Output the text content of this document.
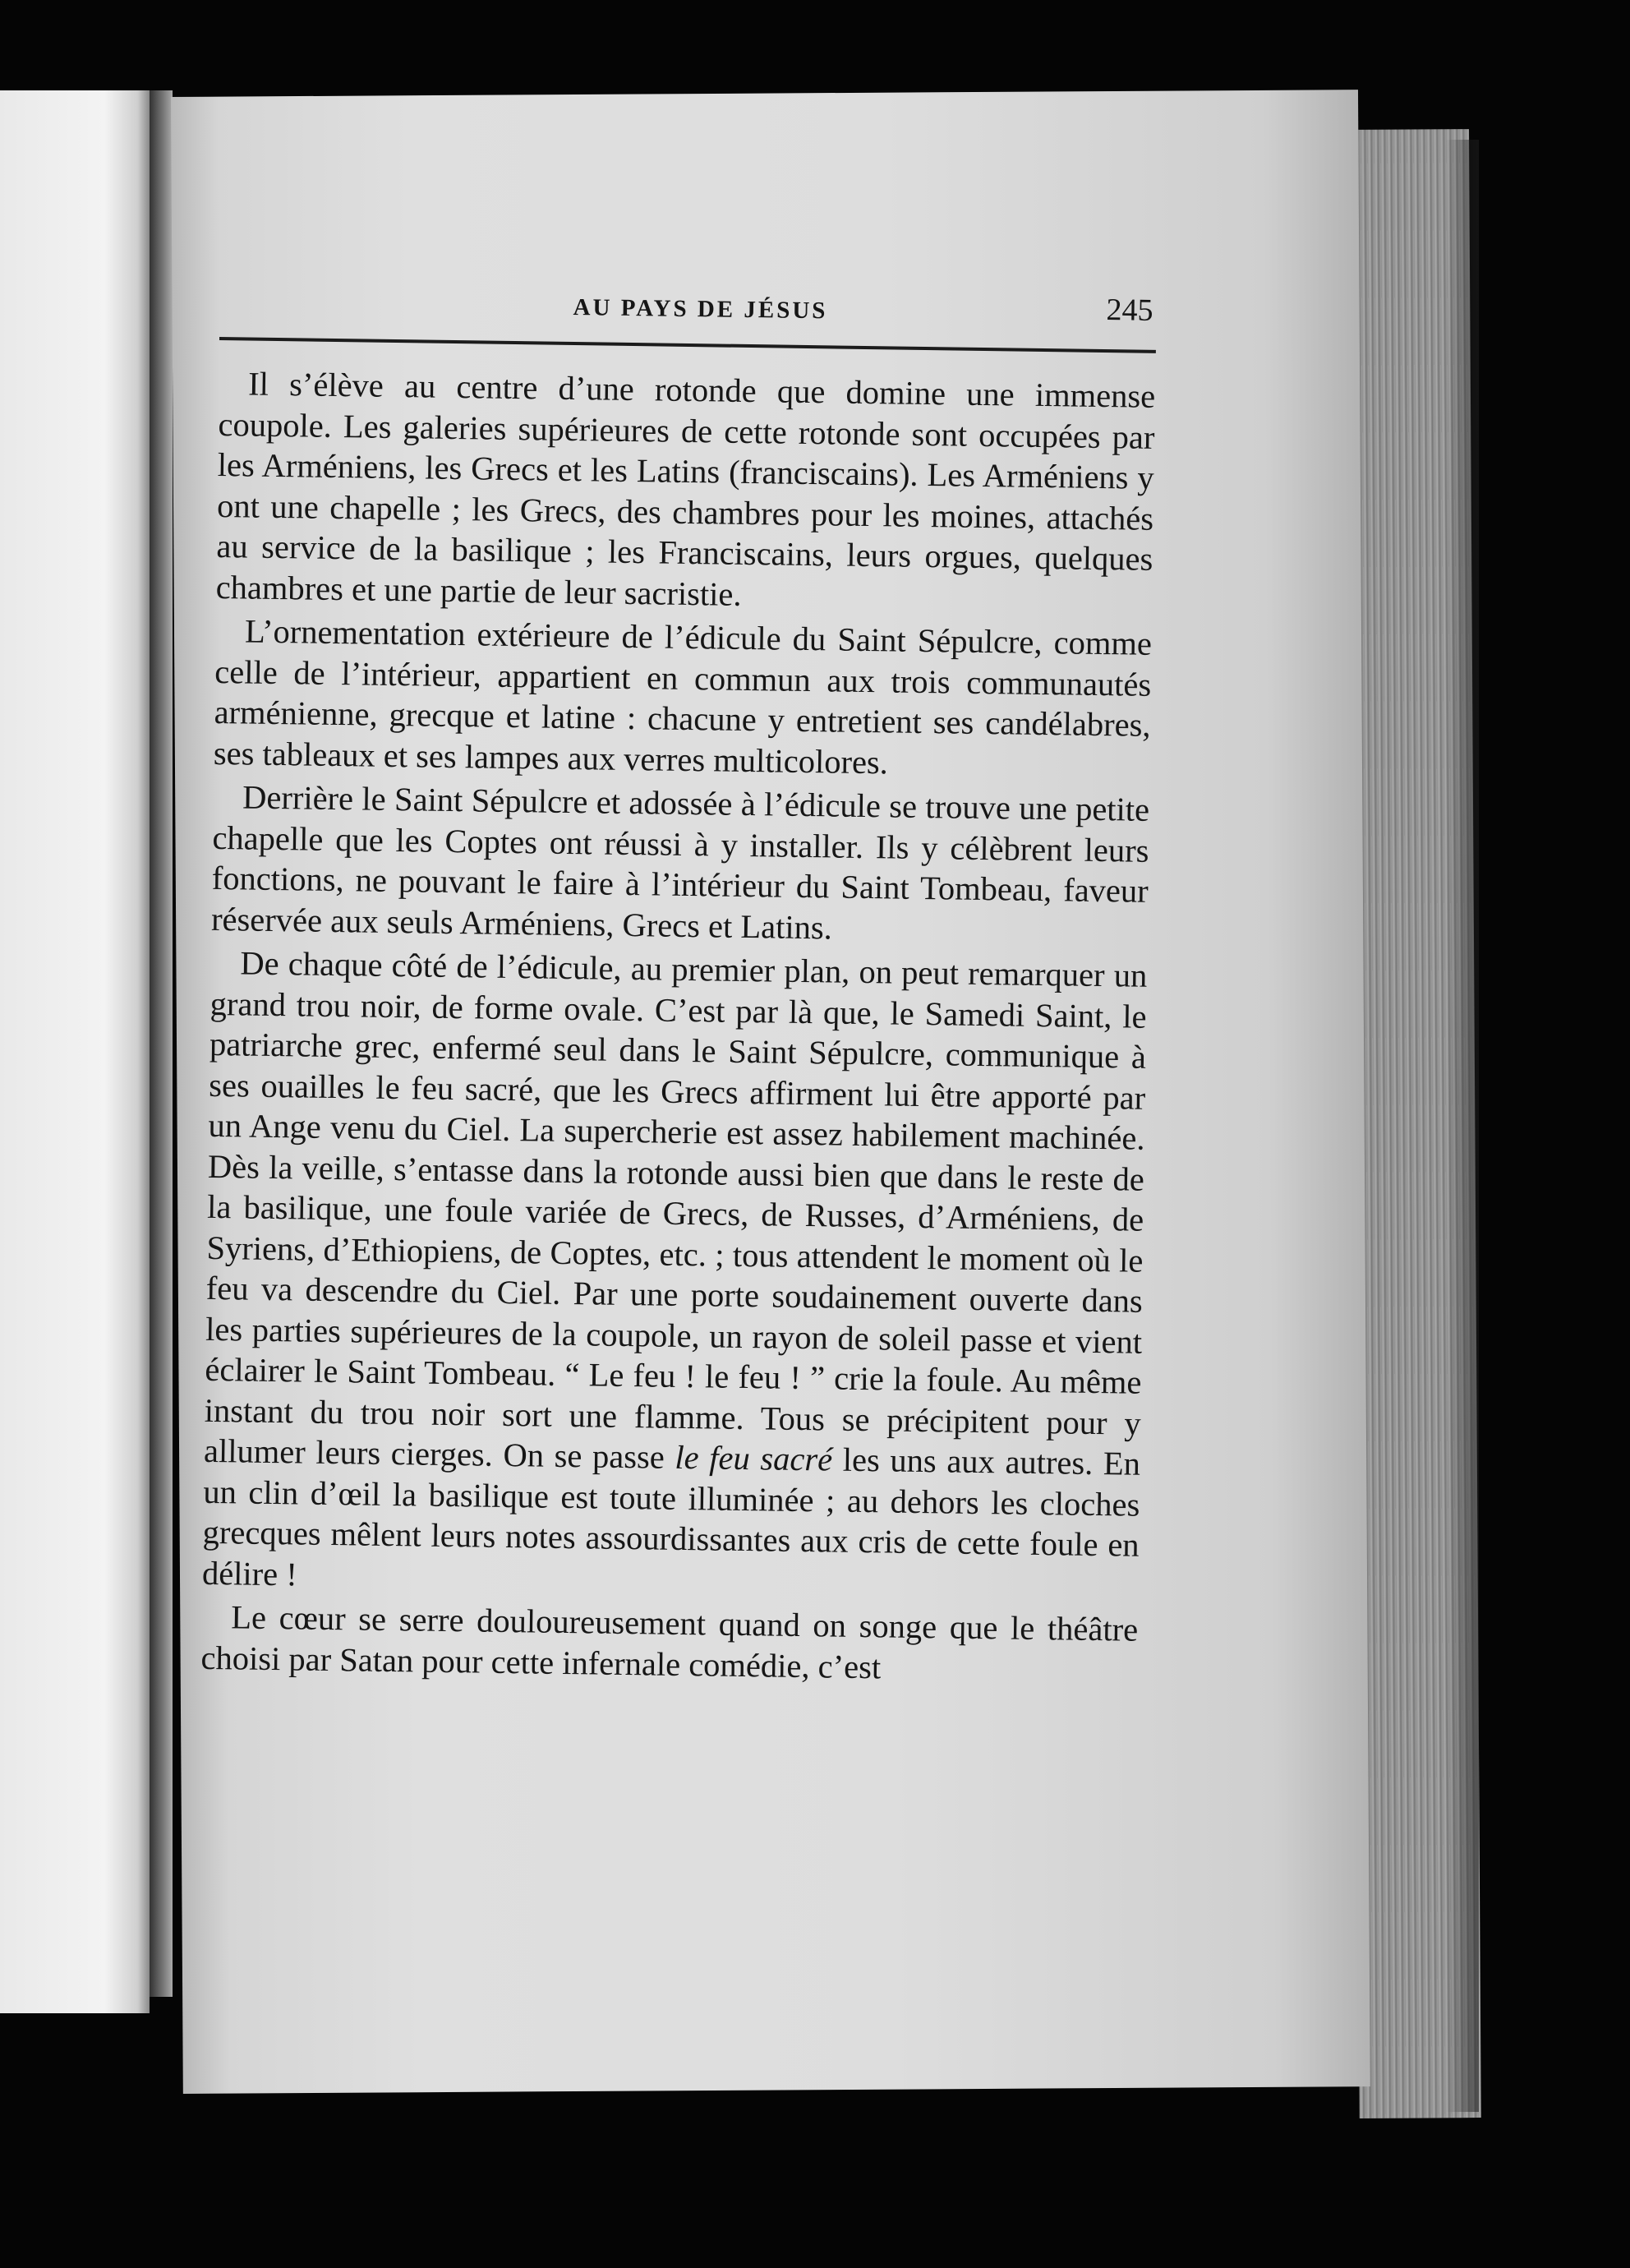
AU PAYS DE JÉSUS	245

Il s’élève au centre d’une rotonde que domine une immense coupole. Les galeries supérieures de cette rotonde sont occupées par les Arméniens, les Grecs et les Latins (franciscains). Les Arméniens y ont une chapelle ; les Grecs, des chambres pour les moines, attachés au service de la basilique ; les Franciscains, leurs orgues, quelques chambres et une partie de leur sacristie.

L’ornementation extérieure de l’édicule du Saint Sépulcre, comme celle de l’intérieur, appartient en commun aux trois communautés arménienne, grecque et latine : chacune y entretient ses candélabres, ses tableaux et ses lampes aux verres multicolores.

Derrière le Saint Sépulcre et adossée à l’édicule se trouve une petite chapelle que les Coptes ont réussi à y installer. Ils y célèbrent leurs fonctions, ne pouvant le faire à l’intérieur du Saint Tombeau, faveur réservée aux seuls Arméniens, Grecs et Latins.

De chaque côté de l’édicule, au premier plan, on peut remarquer un grand trou noir, de forme ovale. C’est par là que, le Samedi Saint, le patriarche grec, enfermé seul dans le Saint Sépulcre, communique à ses ouailles le feu sacré, que les Grecs affirment lui être apporté par un Ange venu du Ciel. La supercherie est assez habilement machinée. Dès la veille, s’entasse dans la rotonde aussi bien que dans le reste de la basilique, une foule variée de Grecs, de Russes, d’Arméniens, de Syriens, d’Ethiopiens, de Coptes, etc. ; tous attendent le moment où le feu va descendre du Ciel. Par une porte soudainement ouverte dans les parties supérieures de la coupole, un rayon de soleil passe et vient éclairer le Saint Tombeau. “ Le feu ! le feu ! ” crie la foule. Au même instant du trou noir sort une flamme. Tous se précipitent pour y allumer leurs cierges. On se passe le feu sacré les uns aux autres. En un clin d’œil la basilique est toute illuminée ; au dehors les cloches grecques mêlent leurs notes assourdissantes aux cris de cette foule en délire !

Le cœur se serre douloureusement quand on songe que le théâtre choisi par Satan pour cette infernale comédie, c’est
